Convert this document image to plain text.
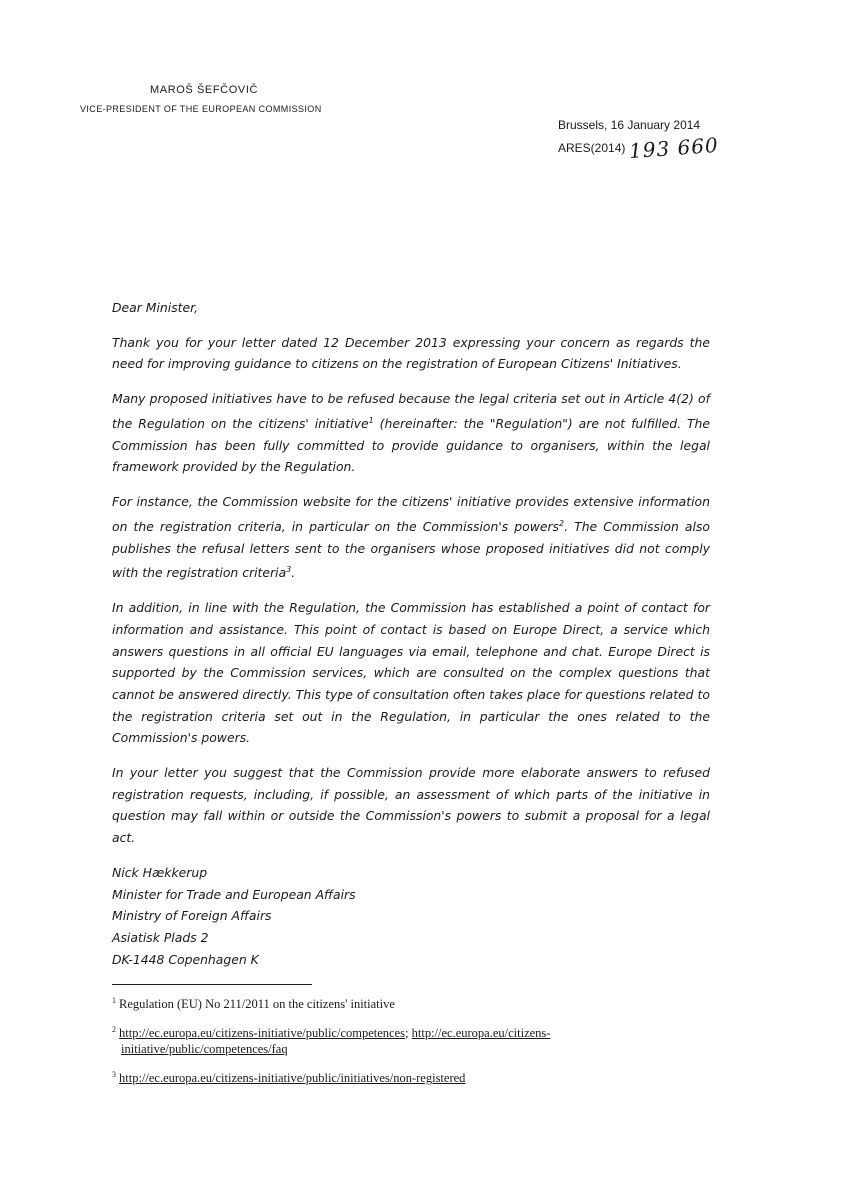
MAROŠ ŠEFČOVIČ
VICE-PRESIDENT OF THE EUROPEAN COMMISSION
Brussels, 16 January 2014
ARES(2014) 193 660

Dear Minister,

Thank you for your letter dated 12 December 2013 expressing your concern as regards the need for improving guidance to citizens on the registration of European Citizens' Initiatives.

Many proposed initiatives have to be refused because the legal criteria set out in Article 4(2) of the Regulation on the citizens' initiative$^1$ (hereinafter: the "Regulation") are not fulfilled. The Commission has been fully committed to provide guidance to organisers, within the legal framework provided by the Regulation.

For instance, the Commission website for the citizens' initiative provides extensive information on the registration criteria, in particular on the Commission's powers$^2$. The Commission also publishes the refusal letters sent to the organisers whose proposed initiatives did not comply with the registration criteria$^3$.

In addition, in line with the Regulation, the Commission has established a point of contact for information and assistance. This point of contact is based on Europe Direct, a service which answers questions in all official EU languages via email, telephone and chat. Europe Direct is supported by the Commission services, which are consulted on the complex questions that cannot be answered directly. This type of consultation often takes place for questions related to the registration criteria set out in the Regulation, in particular the ones related to the Commission's powers.

In your letter you suggest that the Commission provide more elaborate answers to refused registration requests, including, if possible, an assessment of which parts of the initiative in question may fall within or outside the Commission's powers to submit a proposal for a legal act.

Nick Hækkerup
Minister for Trade and European Affairs
Ministry of Foreign Affairs
Asiatisk Plads 2
DK-1448 Copenhagen K
$^1$ Regulation (EU) No 211/2011 on the citizens' initiative
$^2$ http://ec.europa.eu/citizens-initiative/public/competences; http://ec.europa.eu/citizens-
initiative/public/competences/faq
$^3$ http://ec.europa.eu/citizens-initiative/public/initiatives/non-registered
